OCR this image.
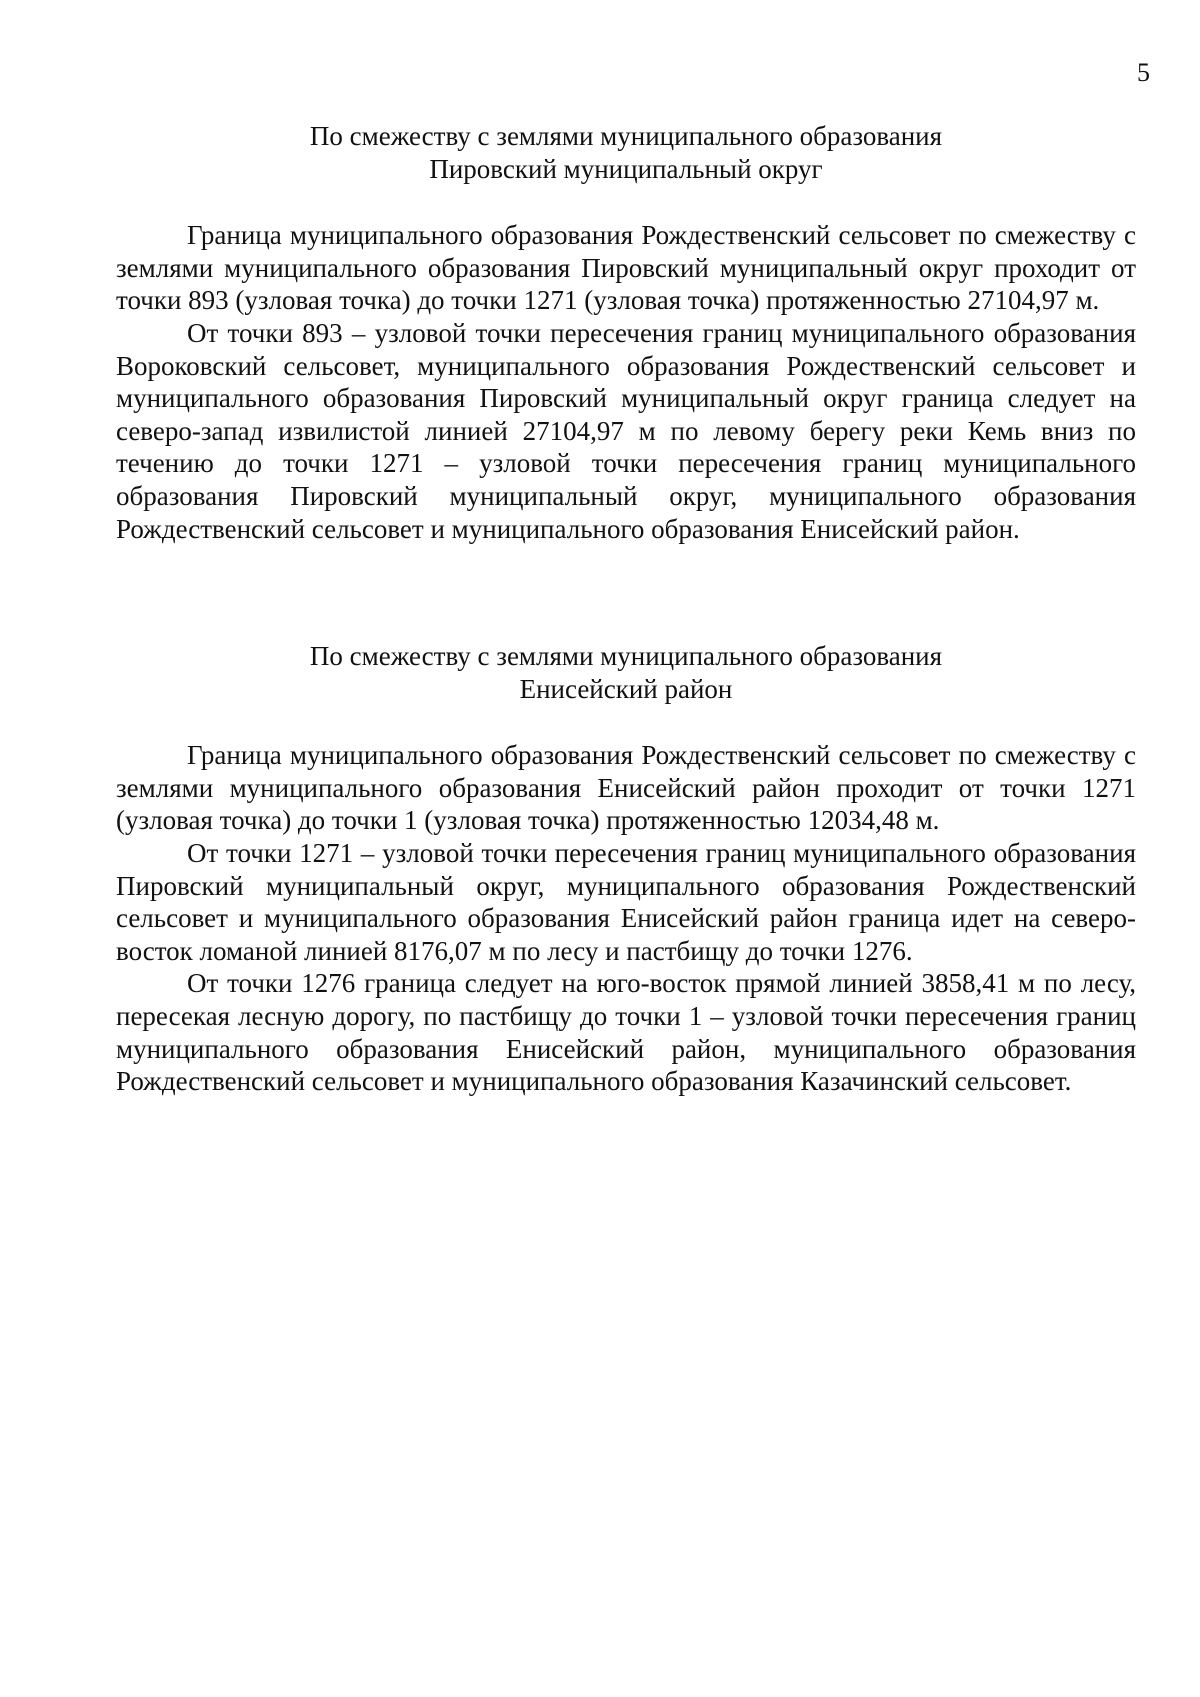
5
По смежеству с землями муниципального образования
Пировский муниципальный округ

Граница муниципального образования Рождественский сельсовет по смежеству с землями муниципального образования Пировский муниципальный округ проходит от точки 893 (узловая точка) до точки 1271 (узловая точка) протяженностью 27104,97 м.

От точки 893 – узловой точки пересечения границ муниципального образования Вороковский сельсовет, муниципального образования Рождественский сельсовет и муниципального образования Пировский муниципальный округ граница следует на северо-запад извилистой линией 27104,97 м по левому берегу реки Кемь вниз по течению до точки 1271 – узловой точки пересечения границ муниципального образования Пировский муниципальный округ, муниципального образования Рождественский сельсовет и муниципального образования Енисейский район.

По смежеству с землями муниципального образования
Енисейский район

Граница муниципального образования Рождественский сельсовет по смежеству с землями муниципального образования Енисейский район проходит от точки 1271 (узловая точка) до точки 1 (узловая точка) протяженностью 12034,48 м.

От точки 1271 – узловой точки пересечения границ муниципального образования Пировский муниципальный округ, муниципального образования Рождественский сельсовет и муниципального образования Енисейский район граница идет на северо-восток ломаной линией 8176,07 м по лесу и пастбищу до точки 1276.

От точки 1276 граница следует на юго-восток прямой линией 3858,41 м по лесу, пересекая лесную дорогу, по пастбищу до точки 1 – узловой точки пересечения границ муниципального образования Енисейский район, муниципального образования Рождественский сельсовет и муниципального образования Казачинский сельсовет.
